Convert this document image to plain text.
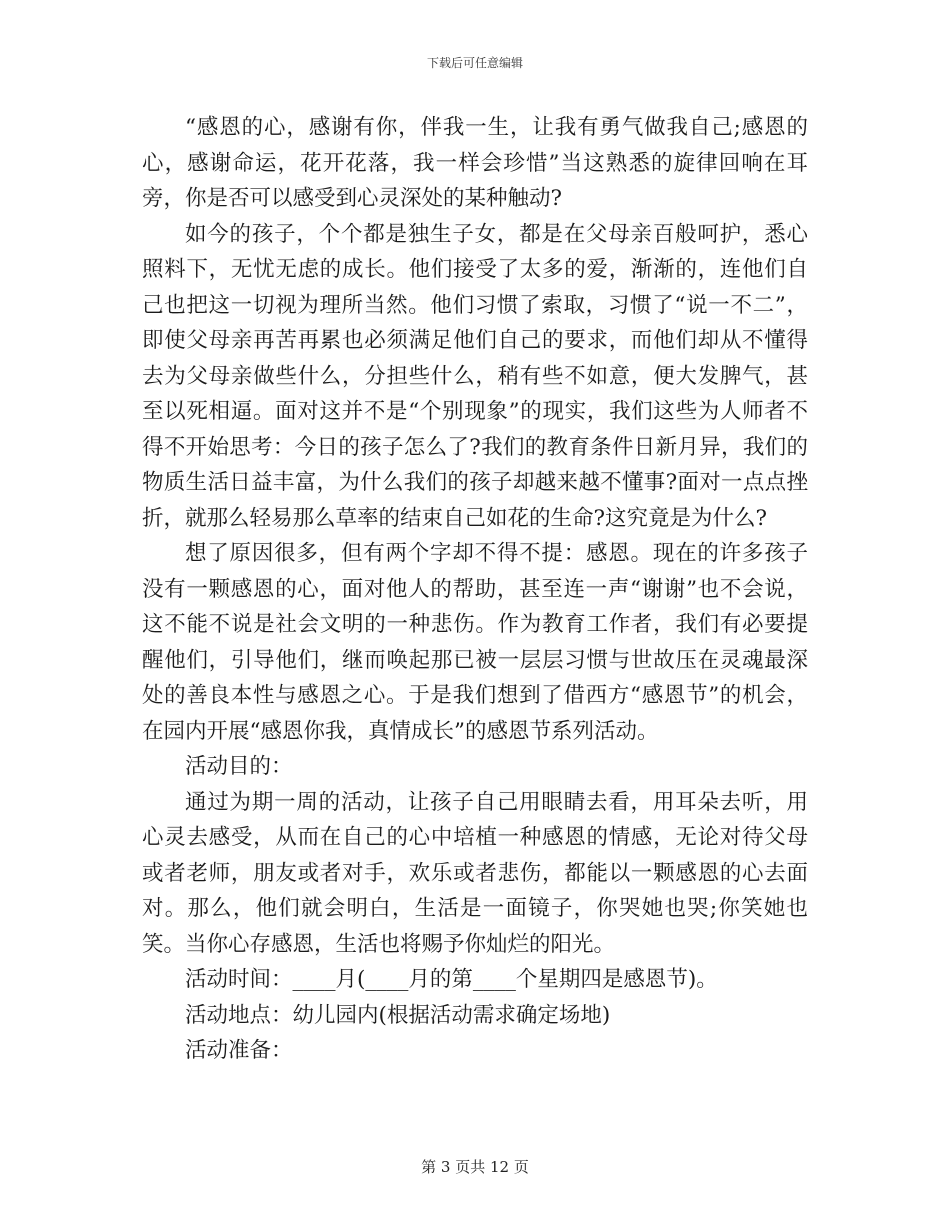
下载后可任意编辑

“感恩的心，感谢有你，伴我一生，让我有勇气做我自己;感恩的心，感谢命运，花开花落，我一样会珍惜”当这熟悉的旋律回响在耳旁，你是否可以感受到心灵深处的某种触动?

如今的孩子，个个都是独生子女，都是在父母亲百般呵护，悉心照料下，无忧无虑的成长。他们接受了太多的爱，渐渐的，连他们自己也把这一切视为理所当然。他们习惯了索取，习惯了“说一不二”，即使父母亲再苦再累也必须满足他们自己的要求，而他们却从不懂得去为父母亲做些什么，分担些什么，稍有些不如意，便大发脾气，甚至以死相逼。面对这并不是“个别现象”的现实，我们这些为人师者不得不开始思考：今日的孩子怎么了?我们的教育条件日新月异，我们的物质生活日益丰富，为什么我们的孩子却越来越不懂事?面对一点点挫折，就那么轻易那么草率的结束自己如花的生命?这究竟是为什么?

想了原因很多，但有两个字却不得不提：感恩。现在的许多孩子没有一颗感恩的心，面对他人的帮助，甚至连一声“谢谢”也不会说，这不能不说是社会文明的一种悲伤。作为教育工作者，我们有必要提醒他们，引导他们，继而唤起那已被一层层习惯与世故压在灵魂最深处的善良本性与感恩之心。于是我们想到了借西方“感恩节”的机会，在园内开展“感恩你我，真情成长”的感恩节系列活动。

活动目的：

通过为期一周的活动，让孩子自己用眼睛去看，用耳朵去听，用心灵去感受，从而在自己的心中培植一种感恩的情感，无论对待父母或者老师，朋友或者对手，欢乐或者悲伤，都能以一颗感恩的心去面对。那么，他们就会明白，生活是一面镜子，你哭她也哭;你笑她也笑。当你心存感恩，生活也将赐予你灿烂的阳光。

活动时间：____月(____月的第____个星期四是感恩节)。

活动地点：幼儿园内(根据活动需求确定场地)

活动准备：

第 3 页共 12 页
